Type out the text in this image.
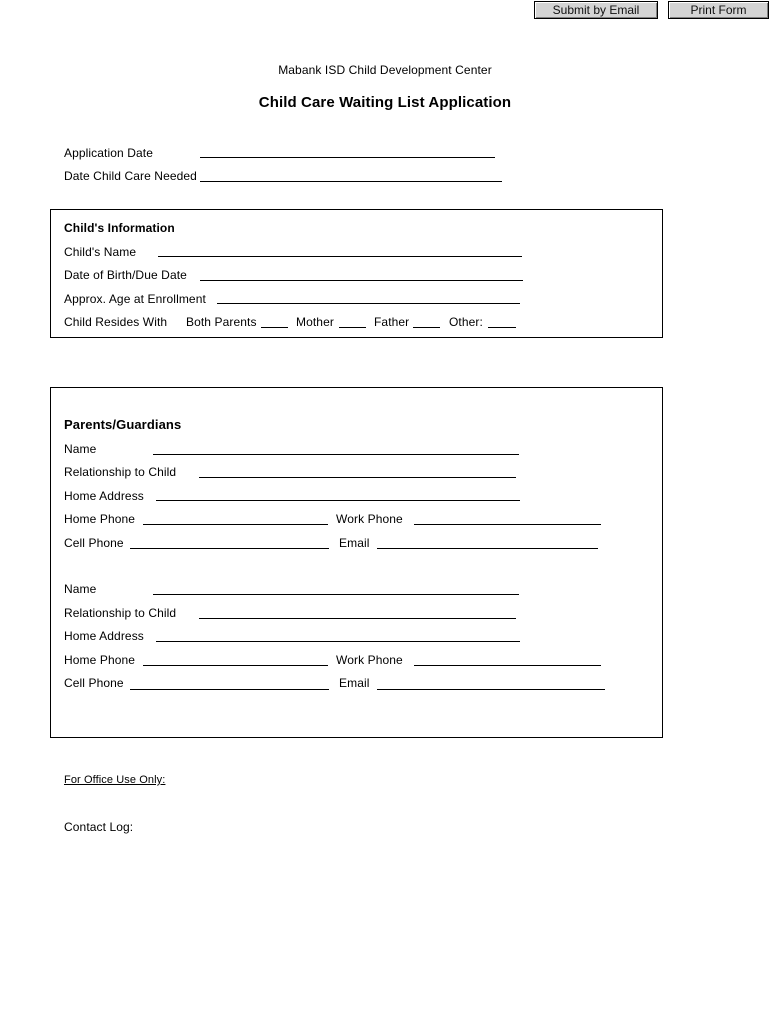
Submit by Email	Print Form
Mabank ISD Child Development Center
Child Care Waiting List Application
Application Date
Date Child Care Needed
Child's Information
Child's Name
Date of Birth/Due Date
Approx. Age at Enrollment
Child Resides With Both Parents	Mother	Father	Other:
Parents/Guardians
Name
Relationship to Child
Home Address
Home Phone	Work Phone
Cell Phone	Email
Name
Relationship to Child
Home Address
Home Phone	Work Phone
Cell Phone	Email
For Office Use Only:
Contact Log:
